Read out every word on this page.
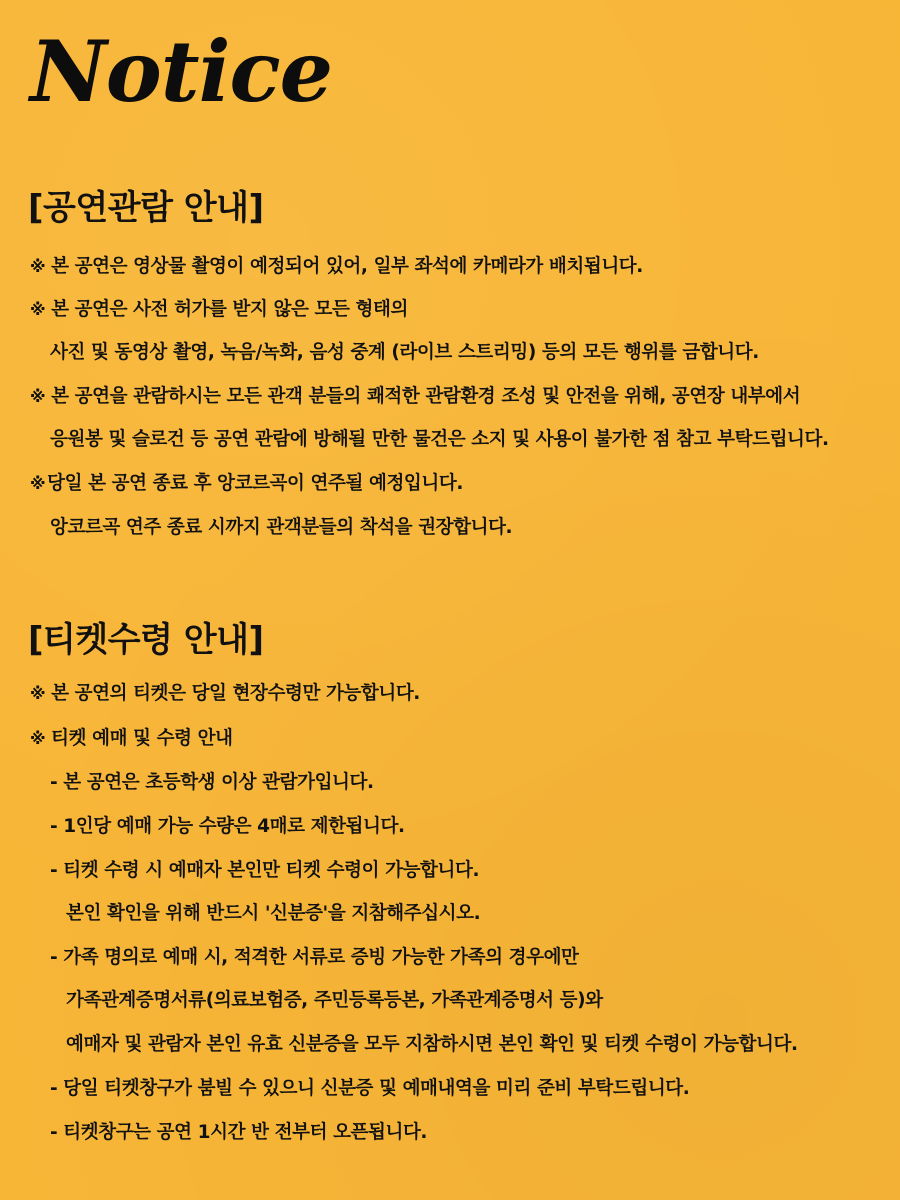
Notice
[공연관람 안내]
※ 본 공연은 영상물 촬영이 예정되어 있어, 일부 좌석에 카메라가 배치됩니다.
※ 본 공연은 사전 허가를 받지 않은 모든 형태의
사진 및 동영상 촬영, 녹음/녹화, 음성 중계 (라이브 스트리밍) 등의 모든 행위를 금합니다.
※ 본 공연을 관람하시는 모든 관객 분들의 쾌적한 관람환경 조성 및 안전을 위해, 공연장 내부에서
응원봉 및 슬로건 등 공연 관람에 방해될 만한 물건은 소지 및 사용이 불가한 점 참고 부탁드립니다.
※ 당일 본 공연 종료 후 앙코르곡이 연주될 예정입니다.
앙코르곡 연주 종료 시까지 관객분들의 착석을 권장합니다.
[티켓수령 안내]
※ 본 공연의 티켓은 당일 현장수령만 가능합니다.
※ 티켓 예매 및 수령 안내
- 본 공연은 초등학생 이상 관람가입니다.
- 1인당 예매 가능 수량은 4매로 제한됩니다.
- 티켓 수령 시 예매자 본인만 티켓 수령이 가능합니다.
본인 확인을 위해 반드시 '신분증'을 지참해주십시오.
- 가족 명의로 예매 시, 적격한 서류로 증빙 가능한 가족의 경우에만
가족관계증명서류(의료보험증, 주민등록등본, 가족관계증명서 등)와
예매자 및 관람자 본인 유효 신분증을 모두 지참하시면 본인 확인 및 티켓 수령이 가능합니다.
- 당일 티켓창구가 붐빌 수 있으니 신분증 및 예매내역을 미리 준비 부탁드립니다.
- 티켓창구는 공연 1시간 반 전부터 오픈됩니다.
